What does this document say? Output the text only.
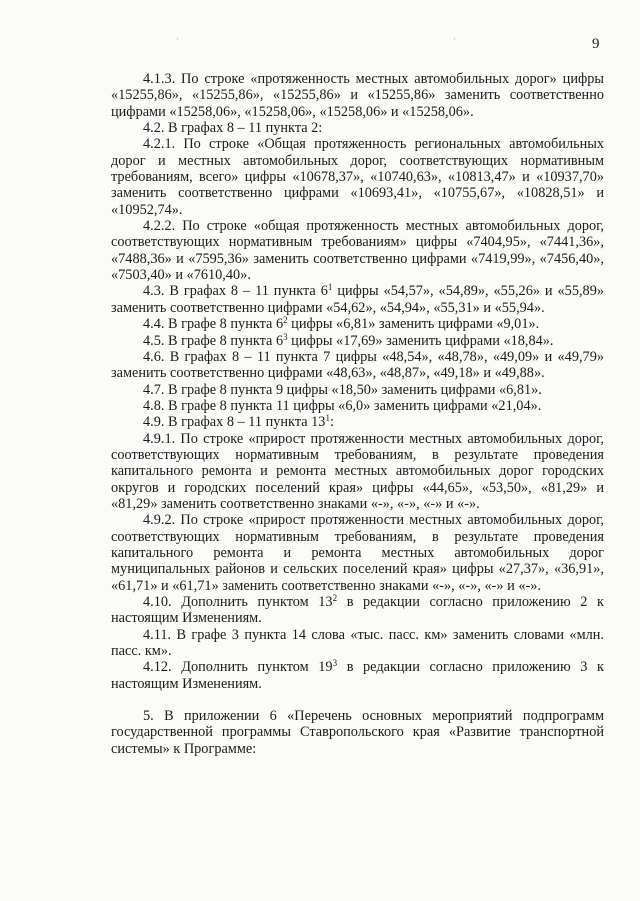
·	·	9

4.1.3. По строке «протяженность местных автомобильных дорог» цифры «15255,86», «15255,86», «15255,86» и «15255,86» заменить соответственно цифрами «15258,06», «15258,06», «15258,06» и «15258,06».

4.2. В графах 8 – 11 пункта 2:

4.2.1. По строке «Общая протяженность региональных автомобильных дорог и местных автомобильных дорог, соответствующих нормативным требованиям, всего» цифры «10678,37», «10740,63», «10813,47» и «10937,70» заменить соответственно цифрами «10693,41», «10755,67», «10828,51» и «10952,74».

4.2.2. По строке «общая протяженность местных автомобильных дорог, соответствующих нормативным требованиям» цифры «7404,95», «7441,36», «7488,36» и «7595,36» заменить соответственно цифрами «7419,99», «7456,40», «7503,40» и «7610,40».

4.3. В графах 8 – 11 пункта $6^1$ цифры «54,57», «54,89», «55,26» и «55,89» заменить соответственно цифрами «54,62», «54,94», «55,31» и «55,94».

4.4. В графе 8 пункта $6^2$ цифры «6,81» заменить цифрами «9,01».

4.5. В графе 8 пункта $6^3$ цифры «17,69» заменить цифрами «18,84».

4.6. В графах 8 – 11 пункта 7 цифры «48,54», «48,78», «49,09» и «49,79» заменить соответственно цифрами «48,63», «48,87», «49,18» и «49,88».

4.7. В графе 8 пункта 9 цифры «18,50» заменить цифрами «6,81».

4.8. В графе 8 пункта 11 цифры «6,0» заменить цифрами «21,04».

4.9. В графах 8 – 11 пункта $13^1$:

4.9.1. По строке «прирост протяженности местных автомобильных дорог, соответствующих нормативным требованиям, в результате проведения капитального ремонта и ремонта местных автомобильных дорог городских округов и городских поселений края» цифры «44,65», «53,50», «81,29» и «81,29» заменить соответственно знаками «-», «-», «-» и «-».

4.9.2. По строке «прирост протяженности местных автомобильных дорог, соответствующих нормативным требованиям, в результате проведения капитального ремонта и ремонта местных автомобильных дорог муниципальных районов и сельских поселений края» цифры «27,37», «36,91», «61,71» и «61,71» заменить соответственно знаками «-», «-», «-» и «-».

4.10. Дополнить пунктом $13^2$ в редакции согласно приложению 2 к настоящим Изменениям.

4.11. В графе 3 пункта 14 слова «тыс. пасс. км» заменить словами «млн. пасс. км».

4.12. Дополнить пунктом $19^3$ в редакции согласно приложению 3 к настоящим Изменениям.

5. В приложении 6 «Перечень основных мероприятий подпрограмм государственной программы Ставропольского края «Развитие транспортной системы» к Программе:
